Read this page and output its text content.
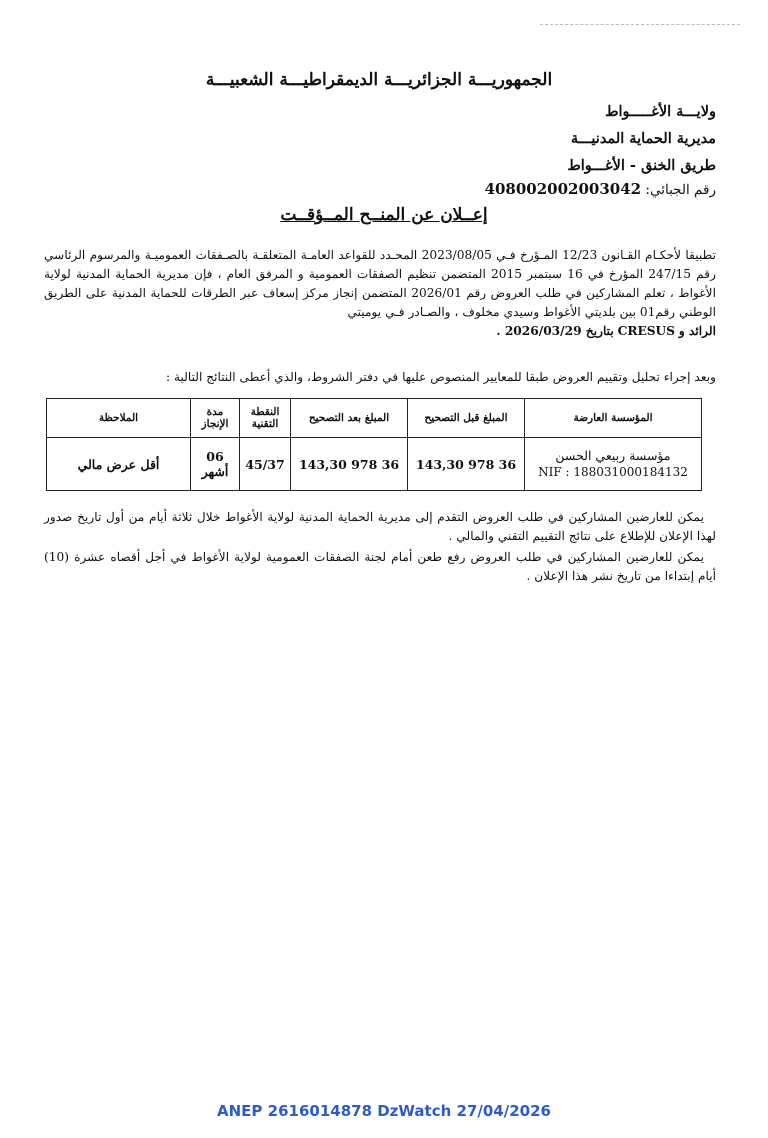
الجمهوريـــة الجزائريـــة الديمقراطيـــة الشعبيـــة
ولايـــة الأغـــــواط
مديرية الحماية المدنيـــة
طريق الخنق - الأغـــواط
رقم الجبائي: 408002002003042
إعــلان عن المنــح المــؤقــت
تطبيقا لأحكـام القـانون 12/23 المـؤرخ فـي 2023/08/05 المحـدد للقواعد العامـة المتعلقـة بالصـفقات العموميـة والمرسوم الرئاسي رقم 247/15 المؤرخ في 16 سبتمبر 2015 المتضمن تنظيم الصفقات العمومية و المرفق العام ، فإن مديرية الحماية المدنية لولاية الأغواط ، تعلم المشاركين في طلب العروض رقم 2026/01 المتضمن إنجاز مركز إسعاف عبر الطرقات للحماية المدنية على الطريق الوطني رقم01 بين بلديتي الأغواط وسيدي مخلوف ، والصـادر فـي يوميتي
الرائد و CRESUS بتاريخ 2026/03/29 .
وبعد إجراء تحليل وتقييم العروض طبقا للمعايير المنصوص عليها في دفتر الشروط، والذي أعطى النتائج التالية :
المؤسسة العارضة	المبلغ قبل التصحيح	المبلغ بعد التصحيح	النقطة التقنية	مدة الإنجاز	الملاحظة
مؤسسة ربيعي الحسن
NIF : 188031000184132	36 978 143,30	36 978 143,30	45/37	06 أشهر	أقل عرض مالي

يمكن للعارضين المشاركين في طلب العروض التقدم إلى مديرية الحماية المدنية لولاية الأغواط خلال ثلاثة أيام من أول تاريخ صدور لهذا الإعلان للإطلاع على نتائج التقييم التقني والمالي .

يمكن للعارضين المشاركين في طلب العروض رفع طعن أمام لجنة الصفقات العمومية لولاية الأغواط في أجل أقصاه عشرة (10) أيام إبتداءا من تاريخ نشر هذا الإعلان .

ANEP 2616014878 DzWatch 27/04/2026
